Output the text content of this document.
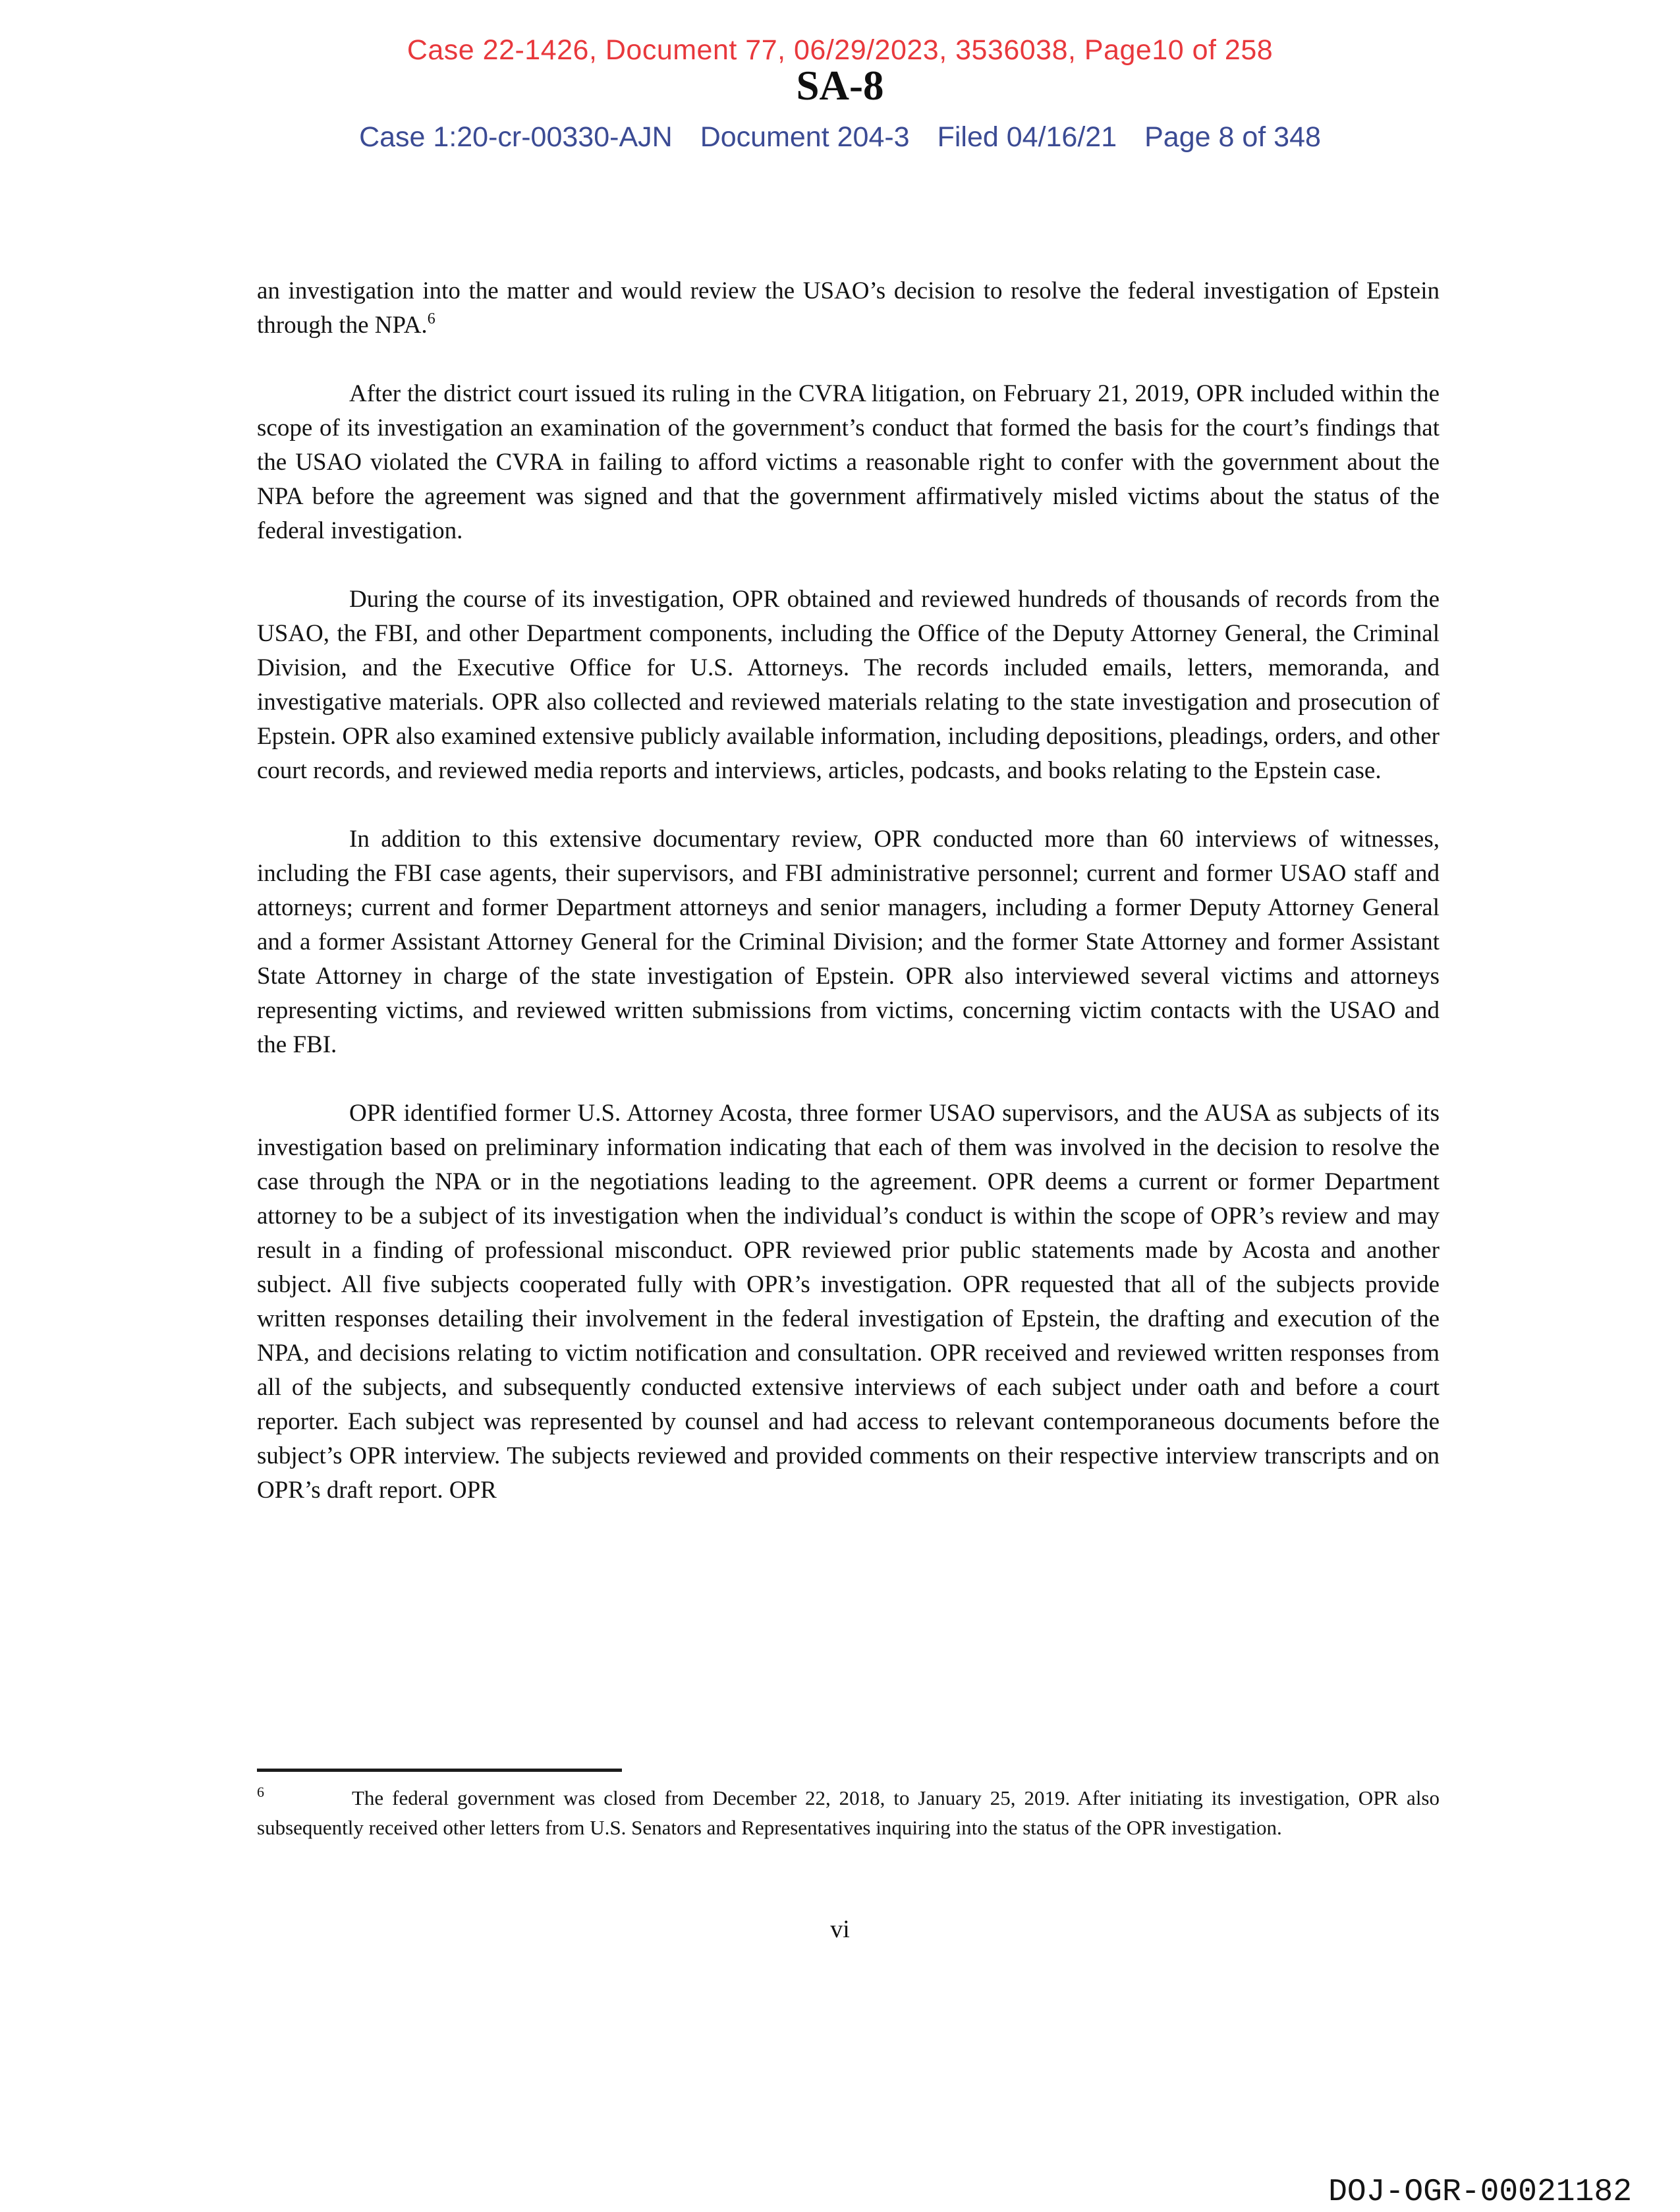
Case 22-1426, Document 77, 06/29/2023, 3536038, Page10 of 258
SA-8
Case 1:20-cr-00330-AJN Document 204-3 Filed 04/16/21 Page 8 of 348

an investigation into the matter and would review the USAO’s decision to resolve the federal investigation of Epstein through the NPA.$^6$

After the district court issued its ruling in the CVRA litigation, on February 21, 2019, OPR included within the scope of its investigation an examination of the government’s conduct that formed the basis for the court’s findings that the USAO violated the CVRA in failing to afford victims a reasonable right to confer with the government about the NPA before the agreement was signed and that the government affirmatively misled victims about the status of the federal investigation.

During the course of its investigation, OPR obtained and reviewed hundreds of thousands of records from the USAO, the FBI, and other Department components, including the Office of the Deputy Attorney General, the Criminal Division, and the Executive Office for U.S. Attorneys. The records included emails, letters, memoranda, and investigative materials. OPR also collected and reviewed materials relating to the state investigation and prosecution of Epstein. OPR also examined extensive publicly available information, including depositions, pleadings, orders, and other court records, and reviewed media reports and interviews, articles, podcasts, and books relating to the Epstein case.

In addition to this extensive documentary review, OPR conducted more than 60 interviews of witnesses, including the FBI case agents, their supervisors, and FBI administrative personnel; current and former USAO staff and attorneys; current and former Department attorneys and senior managers, including a former Deputy Attorney General and a former Assistant Attorney General for the Criminal Division; and the former State Attorney and former Assistant State Attorney in charge of the state investigation of Epstein. OPR also interviewed several victims and attorneys representing victims, and reviewed written submissions from victims, concerning victim contacts with the USAO and the FBI.

OPR identified former U.S. Attorney Acosta, three former USAO supervisors, and the AUSA as subjects of its investigation based on preliminary information indicating that each of them was involved in the decision to resolve the case through the NPA or in the negotiations leading to the agreement. OPR deems a current or former Department attorney to be a subject of its investigation when the individual’s conduct is within the scope of OPR’s review and may result in a finding of professional misconduct. OPR reviewed prior public statements made by Acosta and another subject. All five subjects cooperated fully with OPR’s investigation. OPR requested that all of the subjects provide written responses detailing their involvement in the federal investigation of Epstein, the drafting and execution of the NPA, and decisions relating to victim notification and consultation. OPR received and reviewed written responses from all of the subjects, and subsequently conducted extensive interviews of each subject under oath and before a court reporter. Each subject was represented by counsel and had access to relevant contemporaneous documents before the subject’s OPR interview. The subjects reviewed and provided comments on their respective interview transcripts and on OPR’s draft report. OPR

$^6$	The federal government was closed from December 22, 2018, to January 25, 2019. After initiating its investigation, OPR also subsequently received other letters from U.S. Senators and Representatives inquiring into the status of the OPR investigation.
vi
DOJ-OGR-00021182
